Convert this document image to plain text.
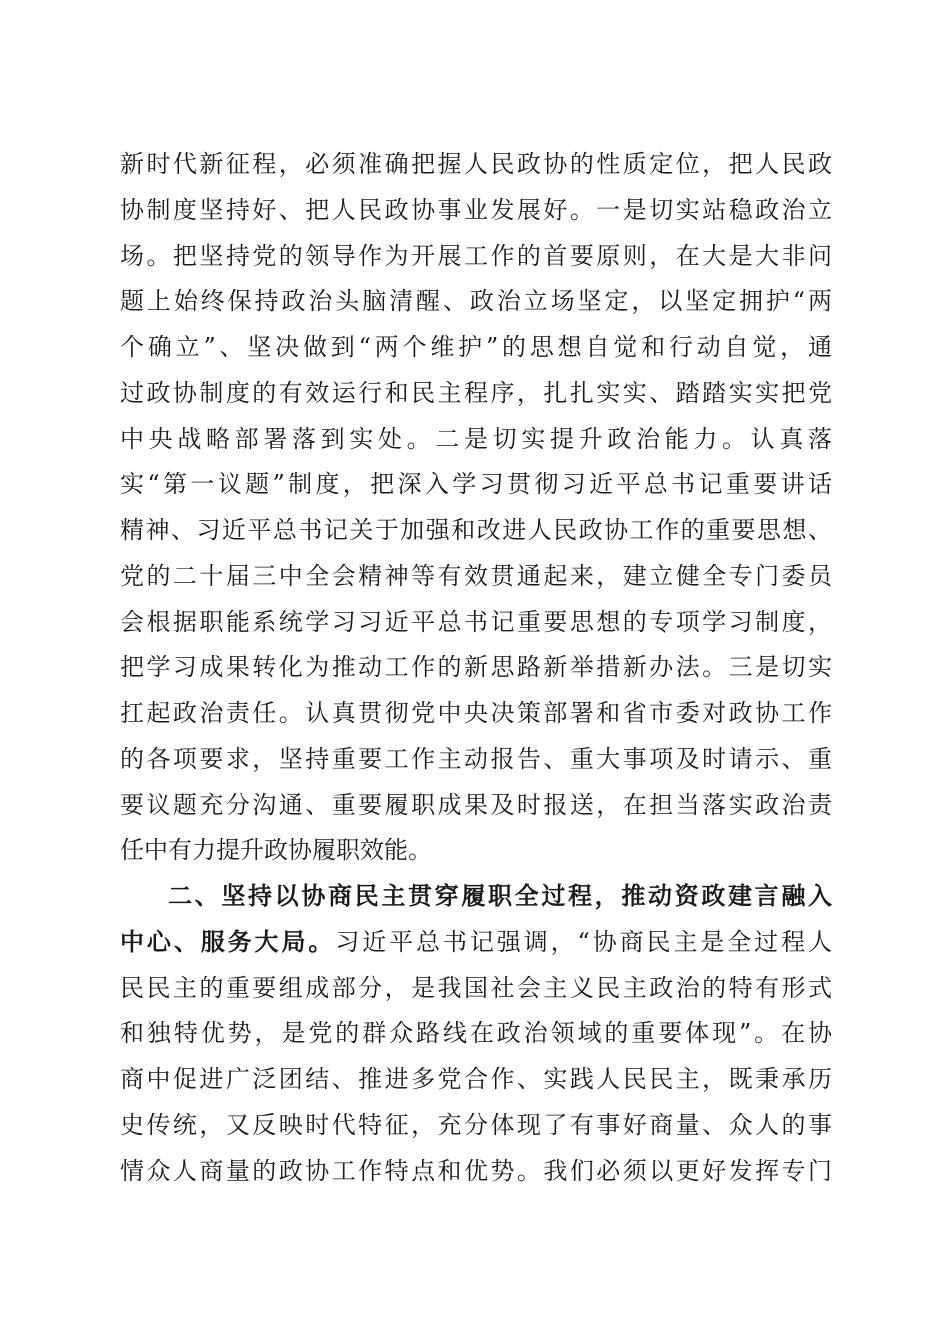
新时代新征程，必须准确把握人民政协的性质定位，把人民政
协制度坚持好、把人民政协事业发展好。一是切实站稳政治立
场。把坚持党的领导作为开展工作的首要原则，在大是大非问
题上始终保持政治头脑清醒、政治立场坚定，以坚定拥护“两
个确立”、坚决做到“两个维护”的思想自觉和行动自觉，通
过政协制度的有效运行和民主程序，扎扎实实、踏踏实实把党
中央战略部署落到实处。二是切实提升政治能力。认真落
实“第一议题”制度，把深入学习贯彻习近平总书记重要讲话
精神、习近平总书记关于加强和改进人民政协工作的重要思想、
党的二十届三中全会精神等有效贯通起来，建立健全专门委员
会根据职能系统学习习近平总书记重要思想的专项学习制度，
把学习成果转化为推动工作的新思路新举措新办法。三是切实
扛起政治责任。认真贯彻党中央决策部署和省市委对政协工作
的各项要求，坚持重要工作主动报告、重大事项及时请示、重
要议题充分沟通、重要履职成果及时报送，在担当落实政治责
任中有力提升政协履职效能。
二、坚持以协商民主贯穿履职全过程，推动资政建言融入
中心、服务大局。习近平总书记强调，“协商民主是全过程人
民民主的重要组成部分，是我国社会主义民主政治的特有形式
和独特优势，是党的群众路线在政治领域的重要体现”。在协
商中促进广泛团结、推进多党合作、实践人民民主，既秉承历
史传统，又反映时代特征，充分体现了有事好商量、众人的事
情众人商量的政协工作特点和优势。我们必须以更好发挥专门
